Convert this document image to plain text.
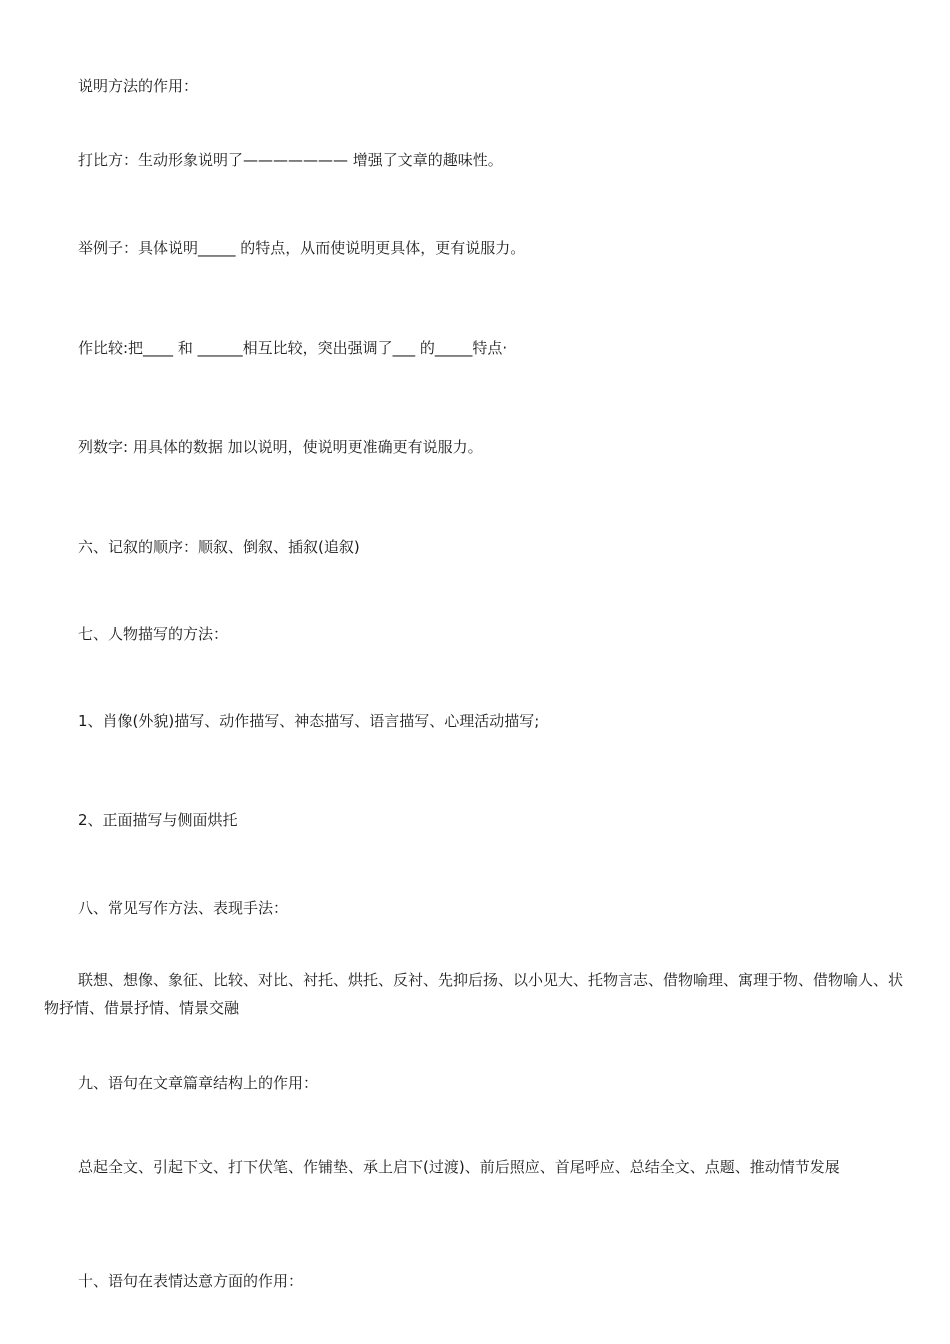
说明方法的作用：
打比方：生动形象说明了——————— 增强了文章的趣味性。
举例子：具体说明_____ 的特点，从而使说明更具体，更有说服力。
作比较:把____ 和 ______相互比较，突出强调了___ 的_____特点·
列数字: 用具体的数据 加以说明，使说明更准确更有说服力。
六、记叙的顺序：顺叙、倒叙、插叙(追叙)
七、人物描写的方法：
1、肖像(外貌)描写、动作描写、神态描写、语言描写、心理活动描写;
2、正面描写与侧面烘托
八、常见写作方法、表现手法：
联想、想像、象征、比较、对比、衬托、烘托、反衬、先抑后扬、以小见大、托物言志、借物喻理、寓理于物、借物喻人、状物抒情、借景抒情、情景交融
九、语句在文章篇章结构上的作用：
总起全文、引起下文、打下伏笔、作铺垫、承上启下(过渡)、前后照应、首尾呼应、总结全文、点题、推动情节发展
十、语句在表情达意方面的作用：
